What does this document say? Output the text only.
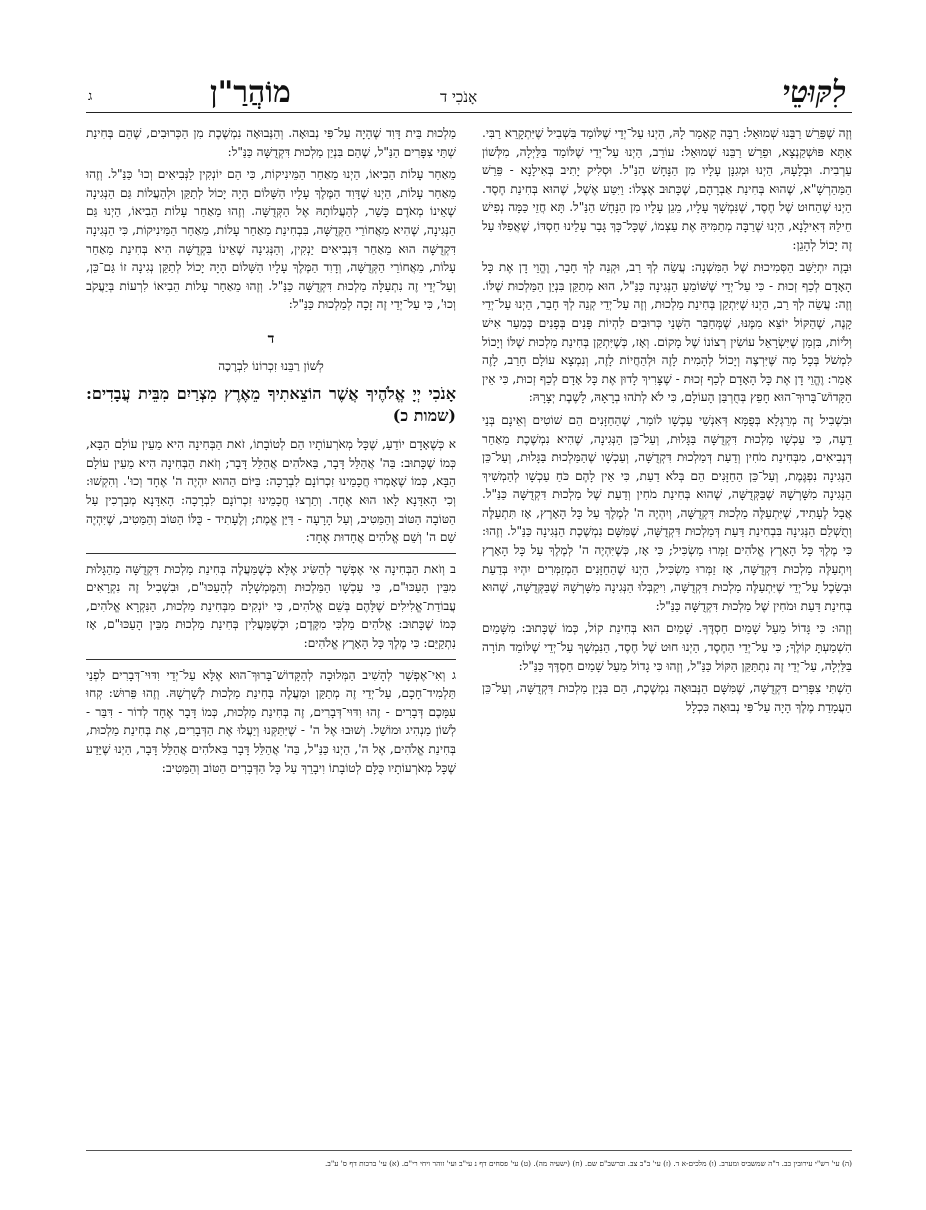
לִקּוּטֵי
אָנֹכִי ד
מוֹהֲרַ"ן
ג

וְזֶה שֶׁפֵּרֵשׁ רַבֵּנוּ שְׁמוּאֵל: רַבָּה קָאָמַר לָהּ, הַיְנוּ עַל־יְדֵי שֶׁלּוֹמֵד בִּשְׁבִיל שֶׁיִּתְקָרֵא רַבִּי. אַתָּא פּוּשְׁקַנְצָא, וּפֵרֵשׁ רַבֵּנוּ שְׁמוּאֵל: עוֹרֵב, הַיְנוּ עַל־יְדֵי שֶׁלּוֹמֵד בַּלַּיְלָה, מִלְּשׁוֹן עַרְבִית. וּבְלָעָהּ, הַיְנוּ וּמְגִנָּן עָלָיו מִן הַנָּחָשׁ הַנַּ"ל. וּסְלִיק יָתִיב בְּאִילָנָא - פֵּרֵשׁ הַמַּהַרְשָׁ"א, שֶׁהוּא בְּחִינַת אַבְרָהָם, שֶׁכָּתוּב אֶצְלוֹ: וַיִּטַּע אֶשֶׁל, שֶׁהוּא בְּחִינַת חֶסֶד. הַיְנוּ שֶׁהַחוּט שֶׁל חֶסֶד, שֶׁנִּמְשָׁךְ עָלָיו, מֵגֵן עָלָיו מִן הַנָּחָשׁ הַנַּ"ל. תָּא חֲזֵי כַּמָּה נְפִישׁ חֵילֵהּ דְּאִילָנָא, הַיְנוּ שֶׁרַבָּה מְתַמִּיהַּ אֶת עַצְמוֹ, שֶׁכָּל־כָּךְ גָּבַר עָלֵינוּ חַסְדּוֹ, שֶׁאֲפִלּוּ עַל זֶה יָכוֹל לְהָגֵן:

וּבָזֶה יִתְיַשֵּׁב הַסְּמִיכוּת שֶׁל הַמִּשְׁנָה: עֲשֵׂה לְךָ רַב, וּקְנֵה לְךָ חָבֵר, וֶהֱוֵי דָן אֶת כָּל הָאָדָם לְכַף זְכוּת - כִּי עַל־יְדֵי שֶׁשּׁוֹמֵעַ הַנְּגִינָה כַּנַּ"ל, הוּא מְתַקֵּן בִּנְיַן הַמַּלְכוּת שֶׁלּוֹ. וְזֶה: עֲשֵׂה לְךָ רַב, הַיְנוּ שֶׁיִּתְקַן בְּחִינַת מַלְכוּת, וְזֶה עַל־יְדֵי קְנֵה לְךָ חָבֵר, הַיְנוּ עַל־יְדֵי קָנֶה, שֶׁהַקּוֹל יוֹצֵא מִמֶּנּוּ, שֶׁמְּחַבֵּר הַשְּׁנֵי כְּרוּבִים לִהְיוֹת פָּנִים בְּפָנִים כְּמַעַר אִישׁ וְלֹיוֹת, בִּזְמַן שֶׁיִּשְׂרָאֵל עוֹשִׂין רְצוֹנוֹ שֶׁל מָקוֹם. וְאָז, כְּשֶׁיִּתְקַן בְּחִינַת מַלְכוּת שֶׁלּוֹ וְיָכוֹל לִמְשֹׁל בְּכָל מַה שֶּׁיִּרְצֶה וְיָכוֹל לְהָמִית לָזֶה וּלְהַחֲיוֹת לָזֶה, וְנִמְצָא עוֹלָם חָרֵב, לָזֶה אָמַר: וֶהֱוֵי דָן אֶת כָּל הָאָדָם לְכַף זְכוּת - שֶׁצָּרִיךְ לָדוּן אֶת כָּל אָדָם לְכַף זְכוּת, כִּי אֵין הַקָּדוֹשׁ־בָּרוּךְ־הוּא חָפֵץ בְּחֻרְבַּן הָעוֹלָם, כִּי לֹא לְתֹהוּ בְרָאָהּ, לָשֶׁבֶת יְצָרָהּ:

וּבִשְׁבִיל זֶה מְרַגְּלָא בְּפֻמָּא דְּאִנְשֵׁי עַכְשָׁו לוֹמַר, שֶׁהַחַזָּנִים הֵם שׁוֹטִים וְאֵינָם בְּנֵי דֵעָה, כִּי עַכְשָׁו מַלְכוּת דִּקְדֻשָּׁה בַּגָּלוּת, וְעַל־כֵּן הַנְּגִינָה, שֶׁהִיא נִמְשֶׁכֶת מֵאַחַר דְּנְבִיאִים, מִבְּחִינַת מֹחִין וְדַעַת דְּמַלְכוּת דִּקְדֻשָּׁה, וְעַכְשָׁו שֶׁהַמַּלְכוּת בַּגָּלוּת, וְעַל־כֵּן הַנְּגִינָה נִפְגֶּמֶת, וְעַל־כֵּן הַחַזָּנִים הֵם בְּלֹא דַעַת, כִּי אֵין לָהֶם כֹּחַ עַכְשָׁו לְהַמְשִׁיךְ הַנְּגִינָה מִשָּׁרְשָׁהּ שֶׁבַּקְּדֻשָּׁה, שֶׁהוּא בְּחִינַת מֹחִין וְדַעַת שֶׁל מַלְכוּת דִּקְדֻשָּׁה כַּנַּ"ל. אֲבָל לֶעָתִיד, שֶׁיִּתְעַלֶּה מַלְכוּת דִּקְדֻשָּׁה, וְיִהְיֶה ה' לְמֶלֶךְ עַל כָּל הָאָרֶץ, אָז תִּתְעַלֶּה וְתֻשְׁלַם הַנְּגִינָה בִּבְחִינַת דַּעַת דְּמַלְכוּת דִּקְדֻשָּׁה, שֶׁמִּשָּׁם נִמְשֶׁכֶת הַנְּגִינָה כַּנַּ"ל. וְזֶהוּ: כִּי מֶלֶךְ כָּל הָאָרֶץ אֱלֹהִים זַמְּרוּ מַשְׂכִּיל; כִּי אָז, כְּשֶׁיִּהְיֶה ה' לְמֶלֶךְ עַל כָּל הָאָרֶץ וְיִתְעַלֶּה מַלְכוּת דִּקְדֻשָּׁה, אָז זַמְּרוּ מַשְׂכִּיל, הַיְנוּ שֶׁהַחַזָּנִים הַמְזַמְּרִים יִהְיוּ בְּדַעַת וּבְשֵׂכֶל עַל־יְדֵי שֶׁיִּתְעַלֶּה מַלְכוּת דִּקְדֻשָּׁה, וִיקַבְּלוּ הַנְּגִינָה מִשָּׁרְשָׁהּ שֶׁבַּקְּדֻשָּׁה, שֶׁהוּא בְּחִינַת דַּעַת וּמֹחִין שֶׁל מַלְכוּת דִּקְדֻשָּׁה כַּנַּ"ל:

וְזֶהוּ: כִּי גָּדוֹל מֵעַל שָׁמַיִם חַסְדֶּךָ. שָׁמַיִם הוּא בְּחִינַת קוֹל, כְּמוֹ שֶׁכָּתוּב: מִשָּׁמַיִם הִשְׁמַעְתָּ קוֹלֶךָ; כִּי עַל־יְדֵי הַחֶסֶד, הַיְנוּ חוּט שֶׁל חֶסֶד, הַנִּמְשָׁךְ עַל־יְדֵי שֶׁלּוֹמֵד תּוֹרָה בַּלַּיְלָה, עַל־יְדֵי זֶה נִתְתַּקֵּן הַקּוֹל כַּנַּ"ל, וְזֶהוּ כִּי גָדוֹל מֵעַל שָׁמַיִם חַסְדֶּךָ כַּנַּ"ל:

הַשְׁתִּי צִפָּרִים דִּקְדֻשָּׁה, שֶׁמִּשָּׁם הַנְּבוּאָה נִמְשֶׁכֶת, הֵם בִּנְיַן מַלְכוּת דִּקְדֻשָּׁה, וְעַל־כֵּן הַעֲמָדַת מֶלֶךְ הָיָה עַל־פִּי נְבוּאָה כִּכְלָל

מַלְכוּת בֵּית דָּוִד שֶׁהָיָה עַל־פִּי נְבוּאָה. וְהַנְּבוּאָה נִמְשֶׁכֶת מִן הַכְּרוּבִים, שֶׁהֵם בְּחִינַת שְׁתֵּי צִפָּרִים הַנַּ"ל, שֶׁהֵם בִּנְיַן מַלְכוּת דִּקְדֻשָּׁה כַּנַּ"ל:

מֵאַחַר עָלוֹת הֵבִיאוֹ, הַיְנוּ מֵאַחַר הַמֵּינִיקוֹת, כִּי הֵם יוֹנְקִין לַנְּבִיאִים וְכוּ' כַּנַּ"ל. וְזֶהוּ מֵאַחַר עָלוֹת, הַיְנוּ שֶׁדָּוִד הַמֶּלֶךְ עָלָיו הַשָּׁלוֹם הָיָה יָכוֹל לְתַקֵּן וּלְהַעֲלוֹת גַּם הַנְּגִינָה שֶׁאֵינוֹ מְאֹדֶם כָּשֵׁר, לְהַעֲלוֹתָהּ אֶל הַקְּדֻשָּׁה. וְזֶהוּ מֵאַחַר עָלוֹת הֵבִיאוֹ, הַיְנוּ גַּם הַנְּגִינָה, שֶׁהִיא מֵאֲחוֹרֵי הַקְּדֻשָּׁה, בִּבְחִינַת מֵאַחַר עָלוֹת, מֵאַחַר הַמֵּינִיקוֹת, כִּי הַנְּגִינָה דִּקְדֻשָּׁה הוּא מֵאַחַר דִּנְבִיאִים יַנְקִין, וְהַנְּגִינָה שֶׁאֵינוֹ בִּקְדֻשָּׁה הִיא בְּחִינַת מֵאַחַר עָלוֹת, מֵאֲחוֹרֵי הַקְּדֻשָּׁה, וְדָוִד הַמֶּלֶךְ עָלָיו הַשָּׁלוֹם הָיָה יָכוֹל לְתַקֵּן נְגִינָה זוֹ גַּם־כֵּן, וְעַל־יְדֵי זֶה נִתְעַלָּה מַלְכוּת דִּקְדֻשָּׁה כַּנַּ"ל. וְזֶהוּ מֵאַחַר עָלוֹת הֵבִיאוֹ לִרְעוֹת בְּיַעֲקֹב וְכוּ', כִּי עַל־יְדֵי זֶה זָכָה לְמַלְכוּת כַּנַּ"ל:

ד
לְשׁוֹן רַבֵּנוּ זִכְרוֹנוֹ לִבְרָכָה
אָנֹכִי יְיָ אֱלֹהֶיךָ אֲשֶׁר הוֹצֵאתִיךָ מֵאֶרֶץ מִצְרַיִם מִבֵּית עֲבָדִים: (שמות כ)

א כְּשֶׁאָדָם יוֹדֵעַ, שֶׁכָּל מְאֹרְעוֹתָיו הֵם לְטוֹבָתוֹ, זֹאת הַבְּחִינָה הִיא מֵעֵין עוֹלָם הַבָּא, כְּמוֹ שֶׁכָּתוּב: בַּה' אֲהַלֵּל דָּבָר, בֵּאלֹהִים אֲהַלֵּל דָּבָר; וְזֹאת הַבְּחִינָה הִיא מֵעֵין עוֹלָם הַבָּא, כְּמוֹ שֶׁאָמְרוּ חֲכָמֵינוּ זִכְרוֹנָם לִבְרָכָה: בַּיּוֹם הַהוּא יִהְיֶה ה' אֶחָד וְכוּ'. וְהִקְשׁוּ: וְכִי הָאִדָּנָא לָאו הוּא אֶחָד. וְתֵרְצוּ חֲכָמֵינוּ זִכְרוֹנָם לִבְרָכָה: הָאִדָּנָא מְבָרְכִין עַל הַטּוֹבָה הַטּוֹב וְהַמֵּטִיב, וְעַל הָרָעָה - דַּיַּן אֱמֶת; וְלֶעָתִיד - כֻּלּוֹ הַטּוֹב וְהַמֵּטִיב, שֶׁיִּהְיֶה שֵׁם ה' וְשֵׁם אֱלֹהִים אֲחָדוּת אֶחָד:

ב וְזֹאת הַבְּחִינָה אִי אֶפְשָׁר לְהַשִּׂיג אֶלָּא כְּשֶׁמַּעֲלֶה בְּחִינַת מַלְכוּת דִּקְדֻשָּׁה מֵהַגָּלוּת מִבֵּין הָעַכּוּ"ם, כִּי עַכְשָׁו הַמַּלְכוּת וְהַמֶּמְשָׁלָה לְהָעַכּוּ"ם, וּבִשְׁבִיל זֶה נִקְרָאִים עֲבוֹדַת־אֱלִילִים שֶׁלָּהֶם בְּשֵׁם אֱלֹהִים, כִּי יוֹנְקִים מִבְּחִינַת מַלְכוּת, הַנִּקְרָא אֱלֹהִים, כְּמוֹ שֶׁכָּתוּב: אֱלֹהִים מַלְכִּי מִקֶּדֶם; וּכְשֶׁמַּעֲלִין בְּחִינַת מַלְכוּת מִבֵּין הָעַכּוּ"ם, אָז נִתְקַיֵּם: כִּי מֶלֶךְ כָּל הָאָרֶץ אֱלֹהִים:

ג וְאִי־אֶפְשָׁר לְהָשִׁיב הַמְּלוּכָה לְהַקָּדוֹשׁ־בָּרוּךְ־הוּא אֶלָּא עַל־יְדֵי וִדּוּי־דְּבָרִים לִפְנֵי תַּלְמִיד־חָכָם, עַל־יְדֵי זֶה מְתַקֵּן וּמַעֲלֶה בְּחִינַת מַלְכוּת לְשָׁרְשָׁהּ. וְזֶהוּ פֵּרוּשׁ: קְחוּ עִמָּכֶם דְּבָרִים - זֶהוּ וִדּוּי־דְּבָרִים, זֶה בְּחִינַת מַלְכוּת, כְּמוֹ דָּבָר אֶחָד לְדוֹר - דִּבֵּר - לְשׁוֹן מַנְהִיג וּמוֹשֵׁל. וְשׁוּבוּ אֶל ה' - שֶׁיִּתַּקְּנוּ וְיַעֲלוּ אֶת הַדְּבָרִים, אֶת בְּחִינַת מַלְכוּת, בְּחִינַת אֱלֹהִים, אֶל ה', הַיְנוּ כַּנַּ"ל, בַּה' אֲהַלֵּל דָּבָר בֵּאלֹהִים אֲהַלֵּל דָּבָר, הַיְנוּ שֶׁיֵּדַע שֶׁכָּל מְאֹרְעוֹתָיו כֻּלָּם לְטוֹבָתוֹ וִיבָרֵךְ עַל כָּל הַדְּבָרִים הַטּוֹב וְהַמֵּטִיב:

(ה) עי' רש"י עירובין כב. ד"ה שמשביס ומערב. (ו) מלכים-א ד. (ז) עי' ב"ב צב. וברשב"ם שם. (ח) (ישעיה מה). (ט) עי' פסחים דף נ עי"ב ועי' זוהר ויחי רי"ם. (א) עי' ברכות דף ס' ע"ב.
